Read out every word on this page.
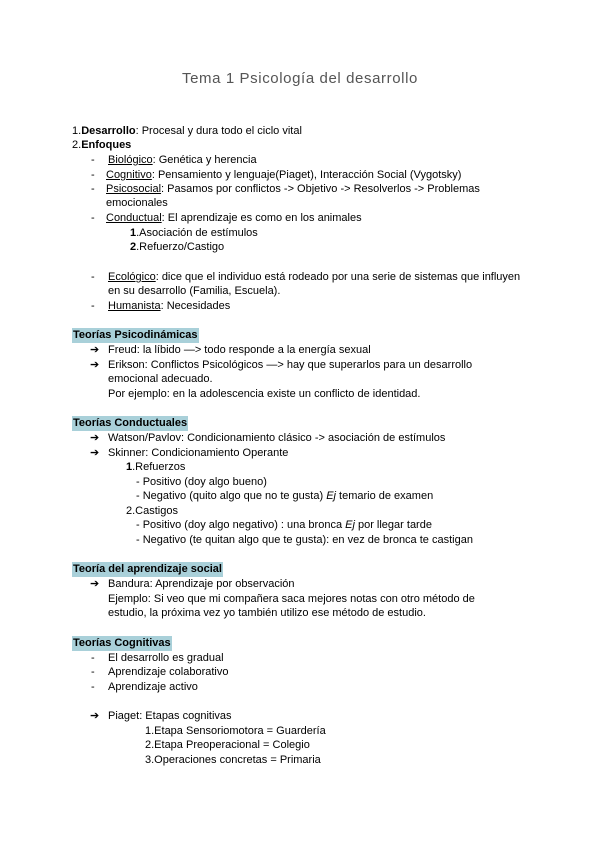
Tema 1 Psicología del desarrollo
1.Desarrollo: Procesal y dura todo el ciclo vital
2.Enfoques
-	Biológico: Genética y herencia
-	Cognitivo: Pensamiento y lenguaje(Piaget), Interacción Social (Vygotsky)
-	Psicosocial: Pasamos por conflictos -> Objetivo -> Resolverlos -> Problemas
emocionales
-	Conductual: El aprendizaje es como en los animales
1.Asociación de estímulos
2.Refuerzo/Castigo
-	Ecológico: dice que el individuo está rodeado por una serie de sistemas que influyen
en su desarrollo (Familia, Escuela).
-	Humanista: Necesidades
Teorías Psicodinámicas
➔ Freud: la líbido —> todo responde a la energía sexual
➔ Erikson: Conflictos Psicológicos —> hay que superarlos para un desarrollo
emocional adecuado.
Por ejemplo: en la adolescencia existe un conflicto de identidad.
Teorías Conductuales
➔ Watson/Pavlov: Condicionamiento clásico -> asociación de estímulos
➔ Skinner: Condicionamiento Operante
1.Refuerzos
- Positivo (doy algo bueno)
- Negativo (quito algo que no te gusta) Ej temario de examen
2.Castigos
- Positivo (doy algo negativo) : una bronca Ej por llegar tarde
- Negativo (te quitan algo que te gusta): en vez de bronca te castigan
Teoría del aprendizaje social
➔ Bandura: Aprendizaje por observación
Ejemplo: Si veo que mi compañera saca mejores notas con otro método de
estudio, la próxima vez yo también utilizo ese método de estudio.
Teorías Cognitivas
-	El desarrollo es gradual
-	Aprendizaje colaborativo
-	Aprendizaje activo
➔ Piaget: Etapas cognitivas
1.Etapa Sensoriomotora = Guardería
2.Etapa Preoperacional = Colegio
3.Operaciones concretas = Primaria
